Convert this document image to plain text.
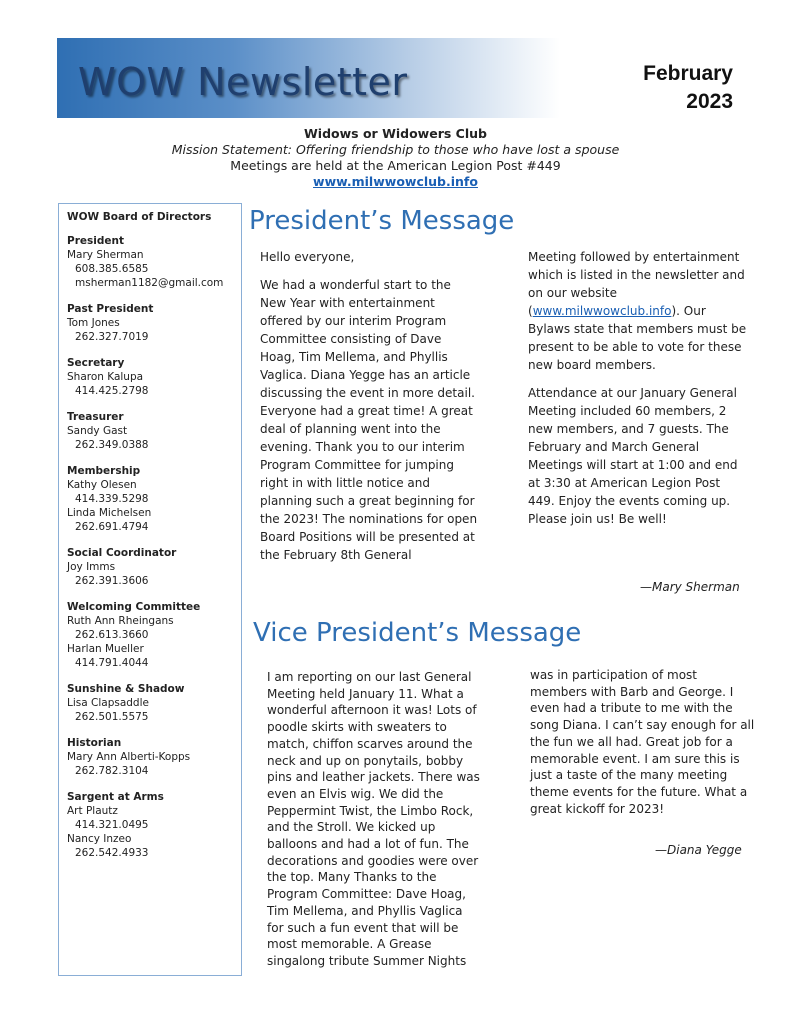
WOW Newsletter	February
2023
Widows or Widowers Club
Mission Statement: Offering friendship to those who have lost a spouse
Meetings are held at the American Legion Post #449
www.milwwowclub.info
WOW Board of Directors
President
Mary Sherman
608.385.6585
msherman1182@gmail.com
Past President
Tom Jones
262.327.7019
Secretary
Sharon Kalupa
414.425.2798
Treasurer
Sandy Gast
262.349.0388
Membership
Kathy Olesen
414.339.5298
Linda Michelsen
262.691.4794
Social Coordinator
Joy Imms
262.391.3606
Welcoming Committee
Ruth Ann Rheingans
262.613.3660
Harlan Mueller
414.791.4044
Sunshine & Shadow
Lisa Clapsaddle
262.501.5575
Historian
Mary Ann Alberti-Kopps
262.782.3104
Sargent at Arms
Art Plautz
414.321.0495
Nancy Inzeo
262.542.4933
President’s Message

Hello everyone,

We had a wonderful start to the New Year with entertainment offered by our interim Program Committee consisting of Dave Hoag, Tim Mellema, and Phyllis Vaglica. Diana Yegge has an article discussing the event in more detail. Everyone had a great time! A great deal of planning went into the evening. Thank you to our interim Program Committee for jumping right in with little notice and planning such a great beginning for the 2023! The nominations for open Board Positions will be presented at the February 8th General

Meeting followed by entertainment which is listed in the newsletter and on our website (www.milwwowclub.info). Our Bylaws state that members must be present to be able to vote for these new board members.

Attendance at our January General Meeting included 60 members, 2 new members, and 7 guests. The February and March General Meetings will start at 1:00 and end at 3:30 at American Legion Post 449. Enjoy the events coming up. Please join us! Be well!

—Mary Sherman
Vice President’s Message

I am reporting on our last General Meeting held January 11. What a wonderful afternoon it was! Lots of poodle skirts with sweaters to match, chiffon scarves around the neck and up on ponytails, bobby pins and leather jackets. There was even an Elvis wig. We did the Peppermint Twist, the Limbo Rock, and the Stroll. We kicked up balloons and had a lot of fun. The decorations and goodies were over the top. Many Thanks to the Program Committee: Dave Hoag, Tim Mellema, and Phyllis Vaglica for such a fun event that will be most memorable. A Grease singalong tribute Summer Nights

was in participation of most members with Barb and George. I even had a tribute to me with the song Diana. I can’t say enough for all the fun we all had. Great job for a memorable event. I am sure this is just a taste of the many meeting theme events for the future. What a great kickoff for 2023!

—Diana Yegge
